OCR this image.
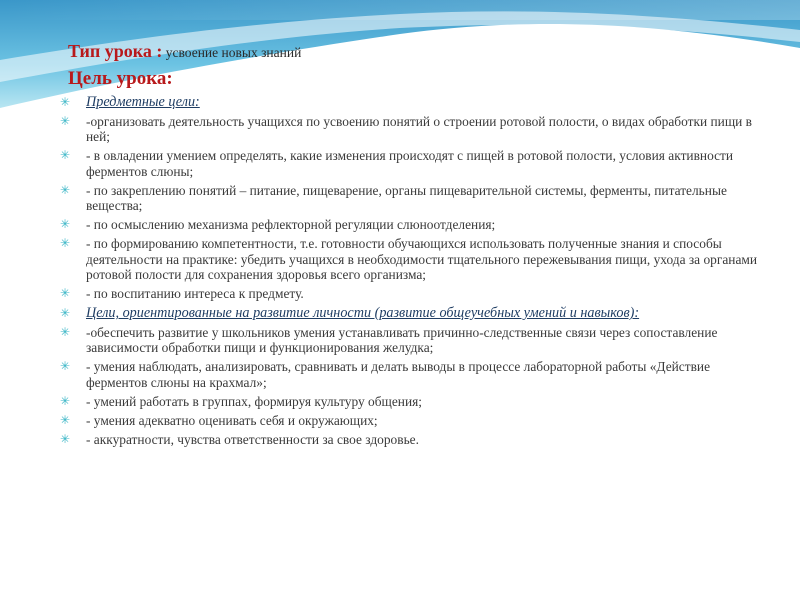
Тип урока : усвоение новых знаний

Цель урока:

✳ Предметные цели:
✳ -организовать деятельность учащихся по усвоению понятий о строении ротовой полости, о видах обработки пищи в ней;
✳ - в овладении умением определять, какие изменения происходят с пищей в ротовой полости, условия активности ферментов слюны;
✳ - по закреплению понятий – питание, пищеварение, органы пищеварительной системы, ферменты, питательные вещества;
✳ - по осмыслению механизма рефлекторной регуляции слюноотделения;
✳ - по формированию компетентности, т.е. готовности обучающихся использовать полученные знания и способы деятельности на практике: убедить учащихся в необходимости тщательного пережевывания пищи, ухода за органами ротовой полости для сохранения здоровья всего организма;
✳ - по воспитанию интереса к предмету.
✳ Цели, ориентированные на развитие личности (развитие общеучебных умений и навыков):
✳ -обеспечить развитие у школьников умения устанавливать причинно-следственные связи через сопоставление зависимости обработки пищи и функционирования желудка;
✳ - умения наблюдать, анализировать, сравнивать и делать выводы в процессе лабораторной работы «Действие ферментов слюны на крахмал»;
✳ - умений работать в группах, формируя культуру общения;
✳ - умения адекватно оценивать себя и окружающих;
✳ - аккуратности, чувства ответственности за свое здоровье.
